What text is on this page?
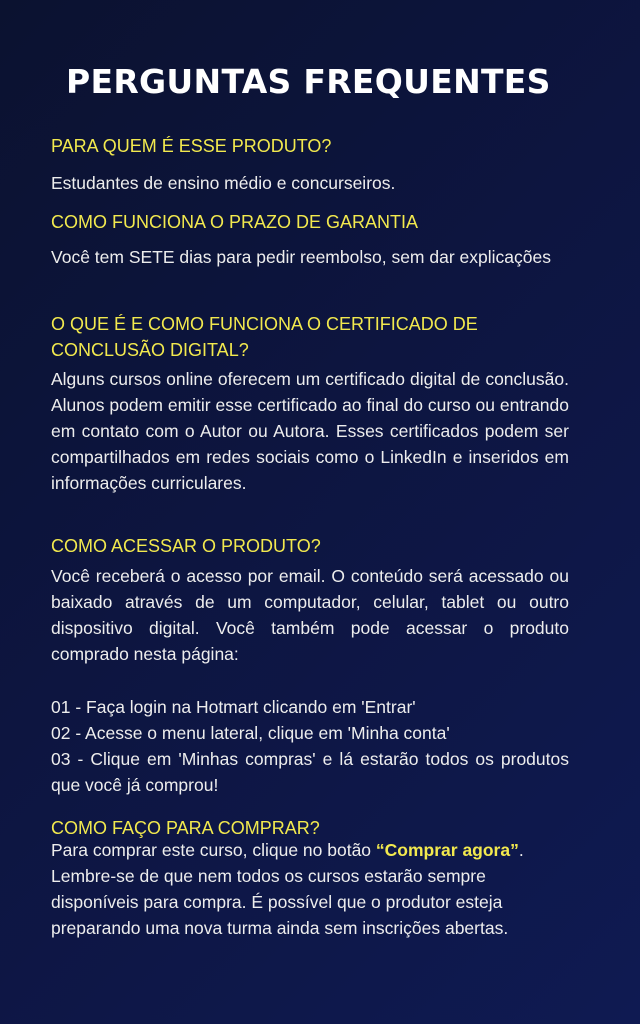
PERGUNTAS FREQUENTES
PARA QUEM É ESSE PRODUTO?

Estudantes de ensino médio e concurseiros.

COMO FUNCIONA O PRAZO DE GARANTIA

Você tem SETE dias para pedir reembolso, sem dar explicações

O QUE É E COMO FUNCIONA O CERTIFICADO DE CONCLUSÃO DIGITAL?

Alguns cursos online oferecem um certificado digital de conclusão. Alunos podem emitir esse certificado ao final do curso ou entrando em contato com o Autor ou Autora. Esses certificados podem ser compartilhados em redes sociais como o LinkedIn e inseridos em informações curriculares.

COMO ACESSAR O PRODUTO?

Você receberá o acesso por email. O conteúdo será acessado ou baixado através de um computador, celular, tablet ou outro dispositivo digital. Você também pode acessar o produto comprado nesta página:

01 - Faça login na Hotmart clicando em 'Entrar'
02 - Acesse o menu lateral, clique em 'Minha conta'
03 - Clique em 'Minhas compras' e lá estarão todos os produtos que você já comprou!
COMO FAÇO PARA COMPRAR?

Para comprar este curso, clique no botão “Comprar agora”. Lembre-se de que nem todos os cursos estarão sempre disponíveis para compra. É possível que o produtor esteja preparando uma nova turma ainda sem inscrições abertas.
